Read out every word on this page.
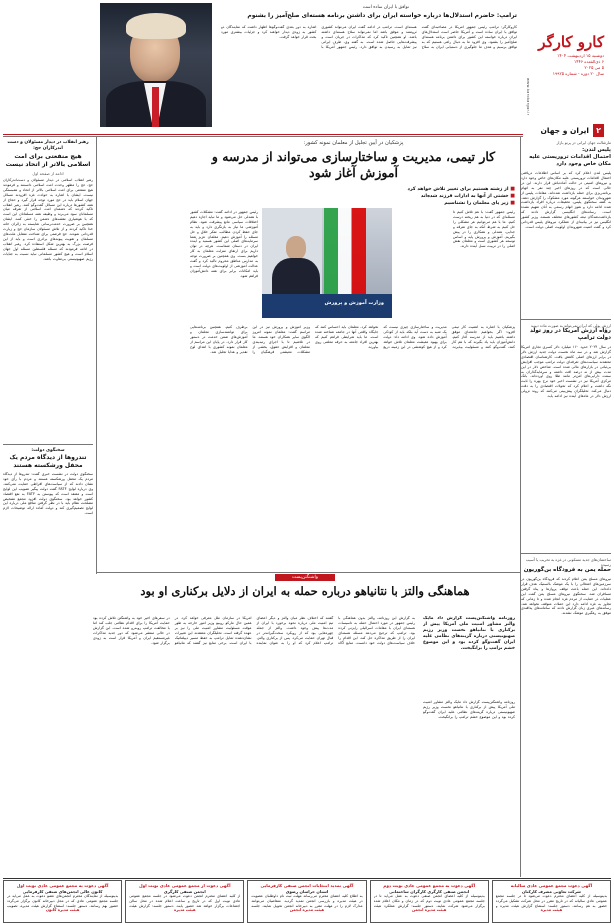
کارو کارگر
www.karokargar.ir
دوشنبه ۱۵ اردیبهشت ۱۴۰۴
۶ ذی‌القعده ۱۴۴۶
۵ می ۲۰۲۵
سال ۲۰ دوره - شماره ۱۹۹۲۵
۲
ایران و جهان
توافق با ایران ساده است
ترامپ: حاضرم استدلال‌ها درباره خواسته ایران برای داشتن برنامه هسته‌ای صلح‌آمیز را بشنوم
کاروکارگر: ترامپ رئیس جمهور آمریکا در مصاحبه‌ای گفت توافق با ایران ساده است و آمریکا حاضر است استدلال‌های ایران درباره خواسته این کشور برای داشتن برنامه هسته‌ای صلح‌آمیز را بشنود. وی افزود ما به دنبال راهی هستیم که به توافق برسیم و هدف ما جلوگیری از دستیابی ایران به سلاح هسته‌ای است. ترامپ در ادامه گفت ایران می‌تواند کشوری ثروتمند و موفق باشد اما نمی‌تواند سلاح هسته‌ای داشته باشد. او همچنین تاکید کرد که مذاکرات در جریان است و پیشرفت‌هایی حاصل شده است. به گفته وی، طرف ایرانی نیز تمایل به رسیدن به توافق دارد. رئیس جمهور آمریکا با اشاره به دور بعدی گفت‌وگوها اظهار داشت که نمایندگان دو کشور به زودی دیدار خواهند کرد و جزئیات بیشتری مورد بحث قرار خواهد گرفت.
مارشالت جهان ایرانی در پرتو بازار
پلیس لندن:
احتمال اقدامات تروریستی علیه مکان خاص وجود دارد
پلیس لندن اعلام کرد که بر اساس اطلاعات دریافتی احتمال اقدامات تروریستی علیه مکان‌های خاص وجود دارد و نیروهای امنیتی در حالت آماده‌باش قرار دارند. این در حالی است که در روزهای اخیر چند نفر به اتهام برنامه‌ریزی برای حمله بازداشت شده‌اند. مقامات پلیس از شهروندان خواستند هرگونه مورد مشکوک را گزارش دهند. به گفته سخنگوی پلیس، تحقیقات درباره افراد بازداشت شده ادامه دارد و هنوز اتهام رسمی به آنان تفهیم نشده است. رسانه‌های انگلیسی گزارش دادند که بازداشت‌شدگان تبعه کشورهای مختلف هستند. وزیر کشور انگلیس نیز در بیانیه‌ای از عملکرد نیروهای پلیس قدردانی کرد و گفت امنیت شهروندان اولویت اصلی دولت است.
ارزش پولی که ایران نمی‌تواند به صورت ماده دیوید
رؤاه ارزش آمریکا در روز تولد دولت ترامپ
در سال ۲۰۲۴ حدود ۱۶۰ میلیارد دلار کسری تجاری آمریکا گزارش شد و در سه ماه نخست دولت جدید ارزش دلار در برابر ارزهای اصلی کاهش یافت. کارشناسان اقتصادی معتقدند سیاست‌های تعرفه‌ای دولت ترامپ موجب افزایش بی‌ثباتی در بازارهای مالی شده است. شاخص دلار در این مدت بیش از نه درصد افت داشته و سرمایه‌گذاران به سمت دارایی‌های امن‌تر مانند طلا روی آورده‌اند. بانک مرکزی آمریکا نیز در نشست اخیر خود نرخ بهره را ثابت نگه داشت و اعلام کرد که تحولات اقتصادی را به دقت دنبال می‌کند. تحلیلگران پیش‌بینی می‌کنند که روند نزولی ارزش دلار در ماه‌های آینده نیز ادامه یابد.
ساختمان‌های جدید مسکونی در غزه به تخریب یا آسیب رسیده
حمله یمن به فرودگاه بن‌گوریون
نیروهای مسلح یمن اعلام کردند که فرودگاه بن‌گوریون در سرزمین‌های اشغالی را با یک موشک بالستیک هدف قرار داده‌اند. این حمله باعث توقف پروازها و پناه گرفتن مسافران شد. سخنگوی نیروهای مسلح یمن گفت این عملیات در حمایت از مردم غزه انجام شده و تا زمانی که تجاوز به غزه ادامه دارد این حملات متوقف نخواهد شد. رسانه‌های عبری زبان گزارش دادند که سامانه‌های پدافندی موفق به رهگیری موشک نشدند.
پزشکیان در آیین تجلیل از معلمان نمونه کشور:
کار تیمی، مدیریت و ساختارسازی می‌تواند از مدرسه و آموزش آغاز شود
■ از زشته هستیم برای تغییر تلاش خواهد کرد
■ خشتی از آنها به ادارات فرزند شده‌اند
■ زیر پای معلمان را نشناسیم
وزارت آموزش و پرورش
رئیس جمهور گفت: با هم تلاش کنیم تا مسئله‌ای که در دنیا به هم ریخته درست کنیم. ما با هم می‌توانیم هر مشکلی را حل کنیم به شرط آنکه به جای تفرقه و جدایی، همدلی و همکاری را در پیش بگیریم. آموزش و پرورش پایه و اساس توسعه هر کشوری است و معلمان نقش اصلی را در تربیت نسل آینده دارند.
پزشکیان با اشاره به اهمیت کار تیمی افزود: اگر بخواهیم جامعه‌ای موفق داشته باشیم باید از مدرسه آغاز کنیم. دانش‌آموزان باید یاد بگیرند که با هم کار کنند، گفت‌وگو کنند و مسئولیت بپذیرند. مدیریت و ساختارسازی چیزی نیست که یک شبه به دست آید بلکه باید از کودکی آموزش داده شود. وی ادامه داد: دولت برای بهبود معیشت معلمان تلاش خواهد کرد و از هیچ کوششی در این زمینه دریغ نخواهد کرد. معلمان باید احساس کنند که جایگاه واقعی آنها در جامعه شناخته شده است. ما باید شرایطی فراهم کنیم که بهترین افراد جامعه به حرفه معلمی روی بیاورند.
رئیس جمهور در ادامه گفت: مشکلات کشور با همدلی حل می‌شود و ما نباید اجازه دهیم اختلافات سیاسی مانع پیشرفت شود. نظام آموزشی ما نیاز به بازنگری دارد و باید به جای حفظ کردن مطالب، تفکر خلاق و حل مسئله را آموزش دهیم. معلمان عزیز شما سرمایه‌های اصلی این کشور هستید و آینده ایران در دستان شماست. هرچه در توان داریم برای ارتقای منزلت معلمان به کار خواهیم بست. وی همچنین بر ضرورت توجه به مدارس مناطق محروم تاکید کرد و گفت عدالت آموزشی از اولویت‌های دولت است و باید امکانات برابر برای همه دانش‌آموزان فراهم شود.
وزیر آموزش و پرورش نیز در این مراسم گفت: معلمان نمونه امروز الگوی سایر همکاران خود هستند. ما در تلاشیم تا با اجرای رتبه‌بندی معلمان و افزایش حقوق، بخشی از مشکلات معیشتی فرهنگیان را برطرف کنیم. همچنین برنامه‌هایی برای توانمندسازی معلمان و آموزش‌های ضمن خدمت در دستور کار قرار دارد. در پایان این مراسم از معلمان نمونه کشوری با اهدای لوح تقدیر و هدایا تجلیل شد.
رهبر انقلاب در دیدار مسئولان و دست اندرکاران حج:
هیچ منفعتی برای امت اسلامی بالاتر از اتحاد نیست
ادامه از صفحه اول
رهبر انقلاب اسلامی در دیدار مسئولان و دست‌اندرکاران حج، حج را مظهر وحدت امت اسلامی دانستند و فرمودند هیچ منفعتی برای امت اسلامی بالاتر از اتحاد و همبستگی نیست. ایشان با اشاره به حوادث غزه افزودند مسائل جهان اسلام باید در حج مورد توجه قرار گیرد و حجاج از همه کشورها درباره این مسائل گفت‌وگو کنند. رهبر انقلاب تاکید کردند که دشمنان امت اسلامی از تفرقه میان مسلمانان سود می‌برند و وظیفه همه مسلمانان این است که با هوشیاری نقشه‌های دشمن را خنثی کنند. ایشان همچنین بر ضرورت خدمت‌رسانی شایسته به زائران خانه خدا تاکید کردند و از تلاش مسئولان سازمان حج و زیارت قدردانی نمودند. حج فرصتی برای شناخت متقابل ملت‌های مسلمان و تقویت پیوندهای برادری است و باید از این فرصت بزرگ به بهترین شکل استفاده کرد. رهبر انقلاب در ادامه فرمودند که مسئله فلسطین مسئله اول جهان اسلام است و هیچ کشور مسلمانی نباید نسبت به جنایات رژیم صهیونیستی بی‌تفاوت باشد.
سخنگوی دولت:
تندروها از دیدگاه مردم یک محفل ورشکسته هستند
سخنگوی دولت در نشست خبری گفت: تندروها از دیدگاه مردم یک محفل ورشکسته هستند و مردم با رأی خود نشان دادند که از سیاست‌های افراطی حمایت نمی‌کنند. وی درباره لوایح FATF گفت دولت پیگیر تصویب این لوایح است و معتقد است که پیوستن به FATF به نفع اقتصاد کشور خواهد بود. سخنگوی دولت افزود مجمع تشخیص مصلحت نظام باید با در نظر گرفتن منافع ملی درباره این لوایح تصمیم‌گیری کند و دولت آماده ارائه توضیحات لازم است.
واشنگتن‌پست
هماهنگی والتز با نتانیاهو درباره حمله به ایران از دلایل برکناری او بود
روزنامه واشنگتن‌پست گزارش داد مایک والتز مشاور امنیت ملی آمریکا پیش از برکناری با نتانیاهو نخست وزیر رژیم صهیونیستی درباره گزینه‌های نظامی علیه ایران گفت‌وگو کرده بود و این موضوع خشم ترامپ را برانگیخت.
به گزارش این روزنامه، والتز بدون هماهنگی با رئیس جمهور در مورد احتمال حمله به تاسیسات هسته‌ای ایران با مقامات اسرائیلی رایزنی کرده بود. ترامپ که ترجیح می‌دهد مسئله هسته‌ای ایران را از طریق مذاکره حل کند، این اقدام را خلاف سیاست‌های دولت خود دانست. منابع آگاه گفتند که اختلاف نظر میان والتز و دیگر اعضای تیم امنیت ملی درباره نحوه برخورد با ایران از مدت‌ها پیش وجود داشت. والتز از جمله چهره‌هایی بود که از رویکرد سخت‌گیرانه‌تر در قبال تهران حمایت می‌کرد. پس از برکناری والتز، ترامپ اعلام کرد که او را به عنوان نماینده آمریکا در سازمان ملل معرفی خواهد کرد. در همین حال مارکو روبیو وزیر امور خارجه به طور موقت مسئولیت مشاور امنیت ملی را نیز بر عهده گرفته است. تحلیلگران معتقدند این تغییرات نشان‌دهنده تمایل ترامپ به حفظ مسیر دیپلماتیک با ایران است. برخی منابع نیز گفتند که نتانیاهو در سفرهای اخیر خود به واشنگتن تلاش کرده بود حمایت آمریکا را برای اقدام نظامی جلب کند اما با مخالفت ترامپ روبه‌رو شده است. این گزارش در حالی منتشر می‌شود که دور جدید مذاکرات غیرمستقیم ایران و آمریکا قرار است به زودی برگزار شود.
روزنامه واشنگتن‌پست گزارش داد مایک والتز مشاور امنیت ملی آمریکا پیش از برکناری با نتانیاهو نخست وزیر رژیم صهیونیستی درباره گزینه‌های نظامی علیه ایران گفت‌وگو کرده بود و این موضوع خشم ترامپ را برانگیخت.
آگهی دعوت مجمع عمومی عادی سالیانه
شرکت تعاونی مصرف کارکنان
بدینوسیله از کلیه اعضای محترم دعوت می‌شود تا در جلسه مجمع عمومی عادی سالیانه که در تاریخ مقرر در محل شرکت تشکیل می‌گردد حضور به هم رسانند. دستور جلسه: استماع گزارش هیئت مدیره و
هیئت مدیره
آگهی دعوت به مجمع عمومی عادی نوبت دوم
انجمن صنفی کارگری کارگران ساختمانی
بدینوسیله از کلیه اعضای انجمن صنفی دعوت به عمل می‌آید تا در جلسه مجمع عمومی عادی نوبت دوم که در زمان و مکان اعلام شده برگزار می‌شود شرکت نمایند. دستور جلسه: گزارش عملکرد هیئت
هیئت مدیره انجمن
آگهی تمدید انتخابات انجمن صنفی کارفرمایی
استان خراسان رضوی
به اطلاع کلیه اعضای محترم می‌رساند مهلت ثبت نام داوطلبان عضویت در هیئت مدیره و بازرسی انجمن تمدید گردید. متقاضیان می‌توانند مدارک لازم را در مهلت مقرر به دبیرخانه انجمن تحویل نمایند. جلسه
هیئت مدیره انجمن
آگهی دعوت از مجمع عمومی عادی نوبت اول
انجمن صنفی کارگری
از کلیه اعضای محترم انجمن دعوت می‌شود در جلسه مجمع عمومی عادی نوبت اول که در تاریخ و ساعت اعلام شده در محل سالن اجتماعات برگزار خواهد شد حضور یابند. دستور جلسه: گزارش هیئت
هیئت مدیره
آگهی دعوت به مجمع عمومی عادی نوبت اول
کانون عالی انجمن‌های صنفی کارفرمایی
بدینوسیله از نمایندگان محترم انجمن‌های عضو دعوت به عمل می‌آید در جلسه مجمع عمومی عادی که در محل دبیرخانه کانون برگزار می‌گردد حضور بهم رسانند. دستور جلسه: استماع گزارش هیئت مدیره، تصویب
هیئت مدیره کانون
